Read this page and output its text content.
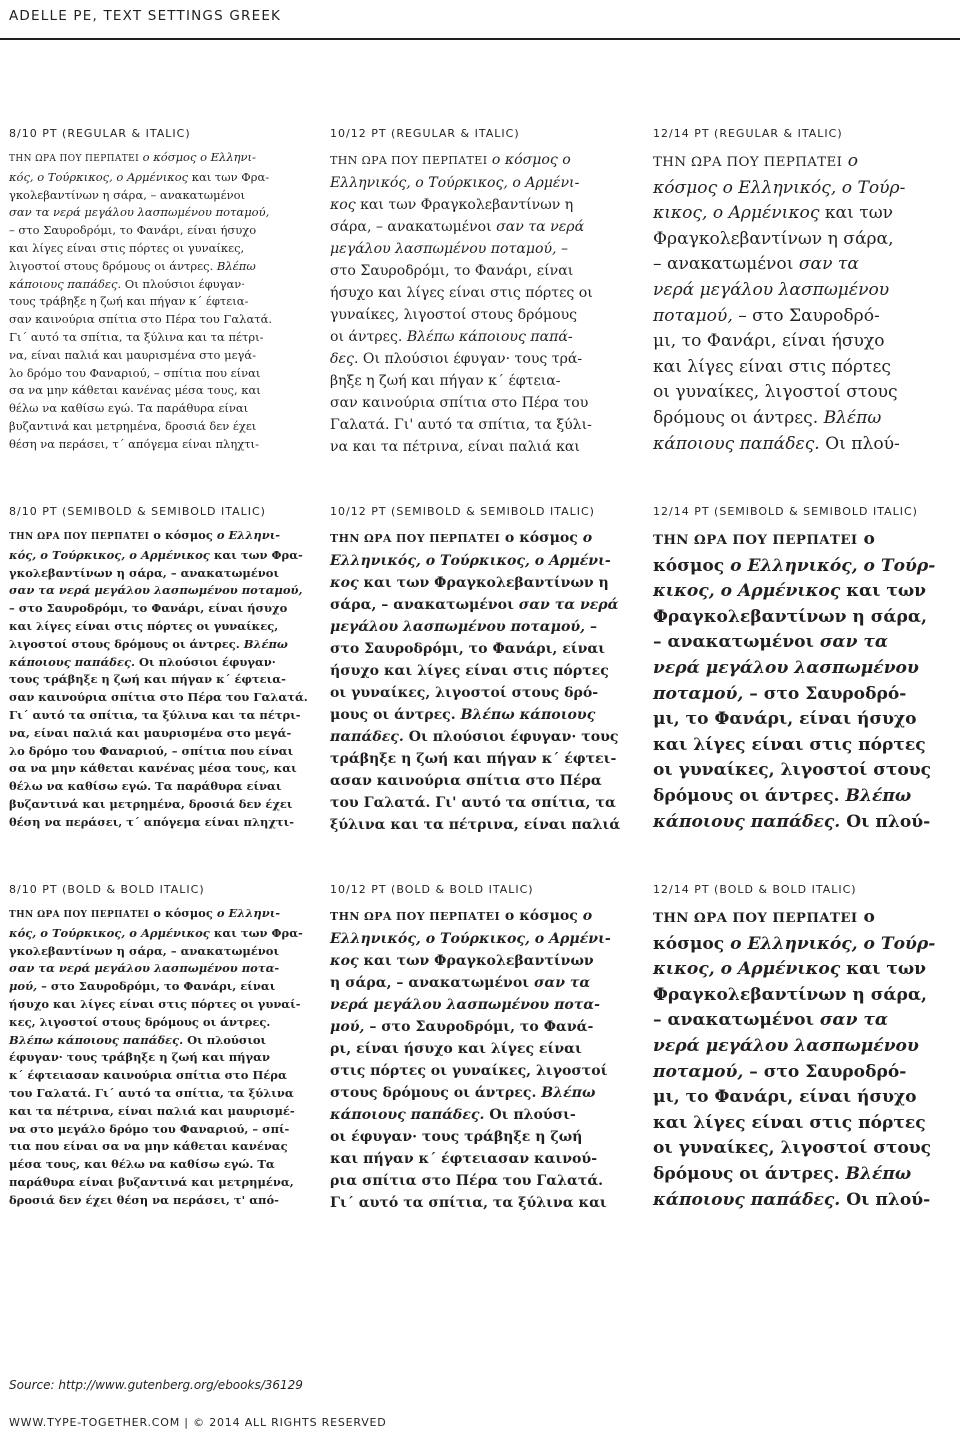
ADELLE PE, TEXT SETTINGS GREEK
8/10 PT (REGULAR & ITALIC)
ΤΗΝ ΩΡΑ ΠΟΥ ΠΕΡΠΑΤΕΙ ο κόσμος ο Ελληνι-
κός, ο Τούρκικος, ο Αρμένικος και των Φρα-
γκολεβαντίνων η σάρα, – ανακατωμένοι
σαν τα νερά μεγάλου λασπωμένου ποταμού,
– στο Σαυροδρόμι, το Φανάρι, είναι ήσυχο
και λίγες είναι στις πόρτες οι γυναίκες,
λιγοστοί στους δρόμους οι άντρες. Βλέπω
κάποιους παπάδες. Οι πλούσιοι έφυγαν·
τους τράβηξε η ζωή και πήγαν κ΄ έφτεια-
σαν καινούρια σπίτια στο Πέρα του Γαλατά.
Γι΄ αυτό τα σπίτια, τα ξύλινα και τα πέτρι-
να, είναι παλιά και μαυρισμένα στο μεγά-
λο δρόμο του Φαναριού, – σπίτια που είναι
σα να μην κάθεται κανένας μέσα τους, και
θέλω να καθίσω εγώ. Τα παράθυρα είναι
βυζαντινά και μετρημένα, δροσιά δεν έχει
θέση να περάσει, τ΄ απόγεμα είναι πληχτι-
10/12 PT (REGULAR & ITALIC)
ΤΗΝ ΩΡΑ ΠΟΥ ΠΕΡΠΑΤΕΙ ο κόσμος ο
Ελληνικός, ο Τούρκικος, ο Αρμένι-
κος και των Φραγκολεβαντίνων η
σάρα, – ανακατωμένοι σαν τα νερά
μεγάλου λασπωμένου ποταμού, –
στο Σαυροδρόμι, το Φανάρι, είναι
ήσυχο και λίγες είναι στις πόρτες οι
γυναίκες, λιγοστοί στους δρόμους
οι άντρες. Βλέπω κάποιους παπά-
δες. Οι πλούσιοι έφυγαν· τους τρά-
βηξε η ζωή και πήγαν κ΄ έφτεια-
σαν καινούρια σπίτια στο Πέρα του
Γαλατά. Γι' αυτό τα σπίτια, τα ξύλι-
να και τα πέτρινα, είναι παλιά και
12/14 PT (REGULAR & ITALIC)
ΤΗΝ ΩΡΑ ΠΟΥ ΠΕΡΠΑΤΕΙ ο
κόσμος ο Ελληνικός, ο Τούρ-
κικος, ο Αρμένικος και των
Φραγκολεβαντίνων η σάρα,
– ανακατωμένοι σαν τα
νερά μεγάλου λασπωμένου
ποταμού, – στο Σαυροδρό-
μι, το Φανάρι, είναι ήσυχο
και λίγες είναι στις πόρτες
οι γυναίκες, λιγοστοί στους
δρόμους οι άντρες. Βλέπω
κάποιους παπάδες. Οι πλού-
8/10 PT (SEMIBOLD & SEMIBOLD ITALIC)
ΤΗΝ ΩΡΑ ΠΟΥ ΠΕΡΠΑΤΕΙ ο κόσμος ο Ελληνι-
κός, ο Τούρκικος, ο Αρμένικος και των Φρα-
γκολεβαντίνων η σάρα, – ανακατωμένοι
σαν τα νερά μεγάλου λασπωμένου ποταμού,
– στο Σαυροδρόμι, το Φανάρι, είναι ήσυχο
και λίγες είναι στις πόρτες οι γυναίκες,
λιγοστοί στους δρόμους οι άντρες. Βλέπω
κάποιους παπάδες. Οι πλούσιοι έφυγαν·
τους τράβηξε η ζωή και πήγαν κ΄ έφτεια-
σαν καινούρια σπίτια στο Πέρα του Γαλατά.
Γι΄ αυτό τα σπίτια, τα ξύλινα και τα πέτρι-
να, είναι παλιά και μαυρισμένα στο μεγά-
λο δρόμο του Φαναριού, – σπίτια που είναι
σα να μην κάθεται κανένας μέσα τους, και
θέλω να καθίσω εγώ. Τα παράθυρα είναι
βυζαντινά και μετρημένα, δροσιά δεν έχει
θέση να περάσει, τ΄ απόγεμα είναι πληχτι-
10/12 PT (SEMIBOLD & SEMIBOLD ITALIC)
ΤΗΝ ΩΡΑ ΠΟΥ ΠΕΡΠΑΤΕΙ ο κόσμος ο
Ελληνικός, ο Τούρκικος, ο Αρμένι-
κος και των Φραγκολεβαντίνων η
σάρα, – ανακατωμένοι σαν τα νερά
μεγάλου λασπωμένου ποταμού, –
στο Σαυροδρόμι, το Φανάρι, είναι
ήσυχο και λίγες είναι στις πόρτες
οι γυναίκες, λιγοστοί στους δρό-
μους οι άντρες. Βλέπω κάποιους
παπάδες. Οι πλούσιοι έφυγαν· τους
τράβηξε η ζωή και πήγαν κ΄ έφτει-
ασαν καινούρια σπίτια στο Πέρα
του Γαλατά. Γι' αυτό τα σπίτια, τα
ξύλινα και τα πέτρινα, είναι παλιά
12/14 PT (SEMIBOLD & SEMIBOLD ITALIC)
ΤΗΝ ΩΡΑ ΠΟΥ ΠΕΡΠΑΤΕΙ ο
κόσμος ο Ελληνικός, ο Τούρ-
κικος, ο Αρμένικος και των
Φραγκολεβαντίνων η σάρα,
– ανακατωμένοι σαν τα
νερά μεγάλου λασπωμένου
ποταμού, – στο Σαυροδρό-
μι, το Φανάρι, είναι ήσυχο
και λίγες είναι στις πόρτες
οι γυναίκες, λιγοστοί στους
δρόμους οι άντρες. Βλέπω
κάποιους παπάδες. Οι πλού-
8/10 PT (BOLD & BOLD ITALIC)
ΤΗΝ ΩΡΑ ΠΟΥ ΠΕΡΠΑΤΕΙ ο κόσμος ο Ελληνι-
κός, ο Τούρκικος, ο Αρμένικος και των Φρα-
γκολεβαντίνων η σάρα, – ανακατωμένοι
σαν τα νερά μεγάλου λασπωμένου ποτα-
μού, – στο Σαυροδρόμι, το Φανάρι, είναι
ήσυχο και λίγες είναι στις πόρτες οι γυναί-
κες, λιγοστοί στους δρόμους οι άντρες.
Βλέπω κάποιους παπάδες. Οι πλούσιοι
έφυγαν· τους τράβηξε η ζωή και πήγαν
κ΄ έφτειασαν καινούρια σπίτια στο Πέρα
του Γαλατά. Γι΄ αυτό τα σπίτια, τα ξύλινα
και τα πέτρινα, είναι παλιά και μαυρισμέ-
να στο μεγάλο δρόμο του Φαναριού, – σπί-
τια που είναι σα να μην κάθεται κανένας
μέσα τους, και θέλω να καθίσω εγώ. Τα
παράθυρα είναι βυζαντινά και μετρημένα,
δροσιά δεν έχει θέση να περάσει, τ' από-
10/12 PT (BOLD & BOLD ITALIC)
ΤΗΝ ΩΡΑ ΠΟΥ ΠΕΡΠΑΤΕΙ ο κόσμος ο
Ελληνικός, ο Τούρκικος, ο Αρμένι-
κος και των Φραγκολεβαντίνων
η σάρα, – ανακατωμένοι σαν τα
νερά μεγάλου λασπωμένου ποτα-
μού, – στο Σαυροδρόμι, το Φανά-
ρι, είναι ήσυχο και λίγες είναι
στις πόρτες οι γυναίκες, λιγοστοί
στους δρόμους οι άντρες. Βλέπω
κάποιους παπάδες. Οι πλούσι-
οι έφυγαν· τους τράβηξε η ζωή
και πήγαν κ΄ έφτειασαν καινού-
ρια σπίτια στο Πέρα του Γαλατά.
Γι΄ αυτό τα σπίτια, τα ξύλινα και
12/14 PT (BOLD & BOLD ITALIC)
ΤΗΝ ΩΡΑ ΠΟΥ ΠΕΡΠΑΤΕΙ ο
κόσμος ο Ελληνικός, ο Τούρ-
κικος, ο Αρμένικος και των
Φραγκολεβαντίνων η σάρα,
– ανακατωμένοι σαν τα
νερά μεγάλου λασπωμένου
ποταμού, – στο Σαυροδρό-
μι, το Φανάρι, είναι ήσυχο
και λίγες είναι στις πόρτες
οι γυναίκες, λιγοστοί στους
δρόμους οι άντρες. Βλέπω
κάποιους παπάδες. Οι πλού-
Source: http://www.gutenberg.org/ebooks/36129
WWW.TYPE-TOGETHER.COM | © 2014 ALL RIGHTS RESERVED
